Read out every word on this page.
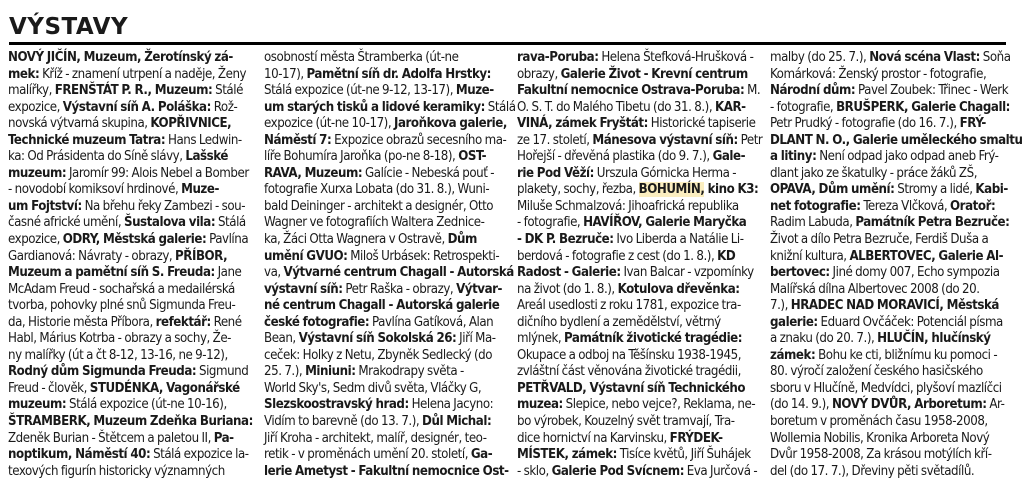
VÝSTAVY
NOVÝ JIČÍN, Muzeum, Žerotínský zá-
mek: Kříž - znamení utrpení a naděje, Ženy
malířky, FRENŠTÁT P. R., Muzeum: Stálé
expozice, Výstavní síň A. Poláška: Rož-
novská výtvarná skupina, KOPŘIVNICE,
Technické muzeum Tatra: Hans Ledwin-
ka: Od Prásidenta do Síně slávy, Lašské
muzeum: Jaromír 99: Alois Nebel a Bomber
- novodobí komiksoví hrdinové, Muze-
um Fojtství: Na břehu řeky Zambezi - sou-
časné africké umění, Šustalova vila: Stálá
expozice, ODRY, Městská galerie: Pavlína
Gardianová: Návraty - obrazy, PŘÍBOR,
Muzeum a pamětní síň S. Freuda: Jane
McAdam Freud - sochařská a medailérská
tvorba, pohovky plné snů Sigmunda Freu-
da, Historie města Příbora, refektář: René
Habl, Márius Kotrba - obrazy a sochy, Že-
ny malířky (út a čt 8-12, 13-16, ne 9-12),
Rodný dům Sigmunda Freuda: Sigmund
Freud - člověk, STUDÉNKA, Vagonářské
muzeum: Stálá expozice (út-ne 10-16),
ŠTRAMBERK, Muzeum Zdeňka Buriana:
Zdeněk Burian - Štětcem a paletou II, Pa-
noptikum, Náměstí 40: Stálá expozice la-
texových figurín historicky významných
osobností města Štramberka (út-ne
10-17), Pamětní síň dr. Adolfa Hrstky:
Stálá expozice (út-ne 9-12, 13-17), Muze-
um starých tisků a lidové keramiky: Stálá
expozice (út-ne 10-17), Jaroňkova galerie,
Náměstí 7: Expozice obrazů secesního ma-
líře Bohumíra Jaroňka (po-ne 8-18), OST-
RAVA, Muzeum: Galície - Nebeská pouť -
fotografie Xurxa Lobata (do 31. 8.), Wuni-
bald Deininger - architekt a designér, Otto
Wagner ve fotografiích Waltera Zednice-
ka, Žáci Otta Wagnera v Ostravě, Dům
umění GVUO: Miloš Urbásek: Retrospekti-
va, Výtvarné centrum Chagall - Autorská
výstavní síň: Petr Raška - obrazy, Výtvar-
né centrum Chagall - Autorská galerie
české fotografie: Pavlína Gatíková, Alan
Bean, Výstavní síň Sokolská 26: Jiří Ma-
ceček: Holky z Netu, Zbyněk Sedlecký (do
25. 7.), Miniuni: Mrakodrapy světa -
World Sky's, Sedm divů světa, Vláčky G,
Slezskoostravský hrad: Helena Jacyno:
Vidím to barevně (do 13. 7.), Důl Michal:
Jiří Kroha - architekt, malíř, designér, teo-
retik - v proměnách umění 20. století, Ga-
lerie Ametyst - Fakultní nemocnice Ost-
rava-Poruba: Helena Štefková-Hrušková -
obrazy, Galerie Život - Krevní centrum
Fakultní nemocnice Ostrava-Poruba: M.
O. S. T. do Malého Tibetu (do 31. 8.), KAR-
VINÁ, zámek Fryštát: Historické tapiserie
ze 17. století, Mánesova výstavní síň: Petr
Hořejší - dřevěná plastika (do 9. 7.), Gale-
rie Pod Věží: Urszula Górnicka Herma -
plakety, sochy, řezba, BOHUMÍN, kino K3:
Miluše Schmalzová: Jihoafrická republika
- fotografie, HAVÍŘOV, Galerie Maryčka
- DK P. Bezruče: Ivo Liberda a Natálie Li-
berdová - fotografie z cest (do 1. 8.), KD
Radost - Galerie: Ivan Balcar - vzpomínky
na život (do 1. 8.), Kotulova dřevěnka:
Areál usedlosti z roku 1781, expozice tra-
dičního bydlení a zemědělství, větrný
mlýnek, Památník životické tragédie:
Okupace a odboj na Těšínsku 1938-1945,
zvláštní část věnována životické tragédii,
PETŘVALD, Výstavní síň Technického
muzea: Slepice, nebo vejce?, Reklama, ne-
bo výrobek, Kouzelný svět tramvají, Tra-
dice hornictví na Karvinsku, FRÝDEK-
MÍSTEK, zámek: Tisíce květů, Jiří Šuhájek
- sklo, Galerie Pod Svícnem: Eva Jurčová -
malby (do 25. 7.), Nová scéna Vlast: Soňa
Komárková: Ženský prostor - fotografie,
Národní dům: Pavel Zoubek: Třinec - Werk
- fotografie, BRUŠPERK, Galerie Chagall:
Petr Prudký - fotografie (do 16. 7.), FRÝ-
DLANT N. O., Galerie uměleckého smaltu
a litiny: Není odpad jako odpad aneb Frý-
dlant jako ze škatulky - práce žáků ZŠ,
OPAVA, Dům umění: Stromy a lidé, Kabi-
net fotografie: Tereza Vlčková, Oratoř:
Radim Labuda, Památník Petra Bezruče:
Život a dílo Petra Bezruče, Ferdiš Duša a
knižní kultura, ALBERTOVEC, Galerie Al-
bertovec: Jiné domy 007, Echo sympozia
Malířská dílna Albertovec 2008 (do 20.
7.), HRADEC NAD MORAVICÍ, Městská
galerie: Eduard Ovčáček: Potenciál písma
a znaku (do 20. 7.), HLUČÍN, hlučínský
zámek: Bohu ke cti, bližnímu ku pomoci -
80. výročí založení českého hasičského
sboru v Hlučíně, Medvídci, plyšoví mazlíčci
(do 14. 9.), NOVÝ DVŮR, Arboretum: Ar-
boretum v proměnách času 1958-2008,
Wollemia Nobilis, Kronika Arboreta Nový
Dvůr 1958-2008, Za krásou motýlích kří-
del (do 17. 7.), Dřeviny pěti světadílů.
